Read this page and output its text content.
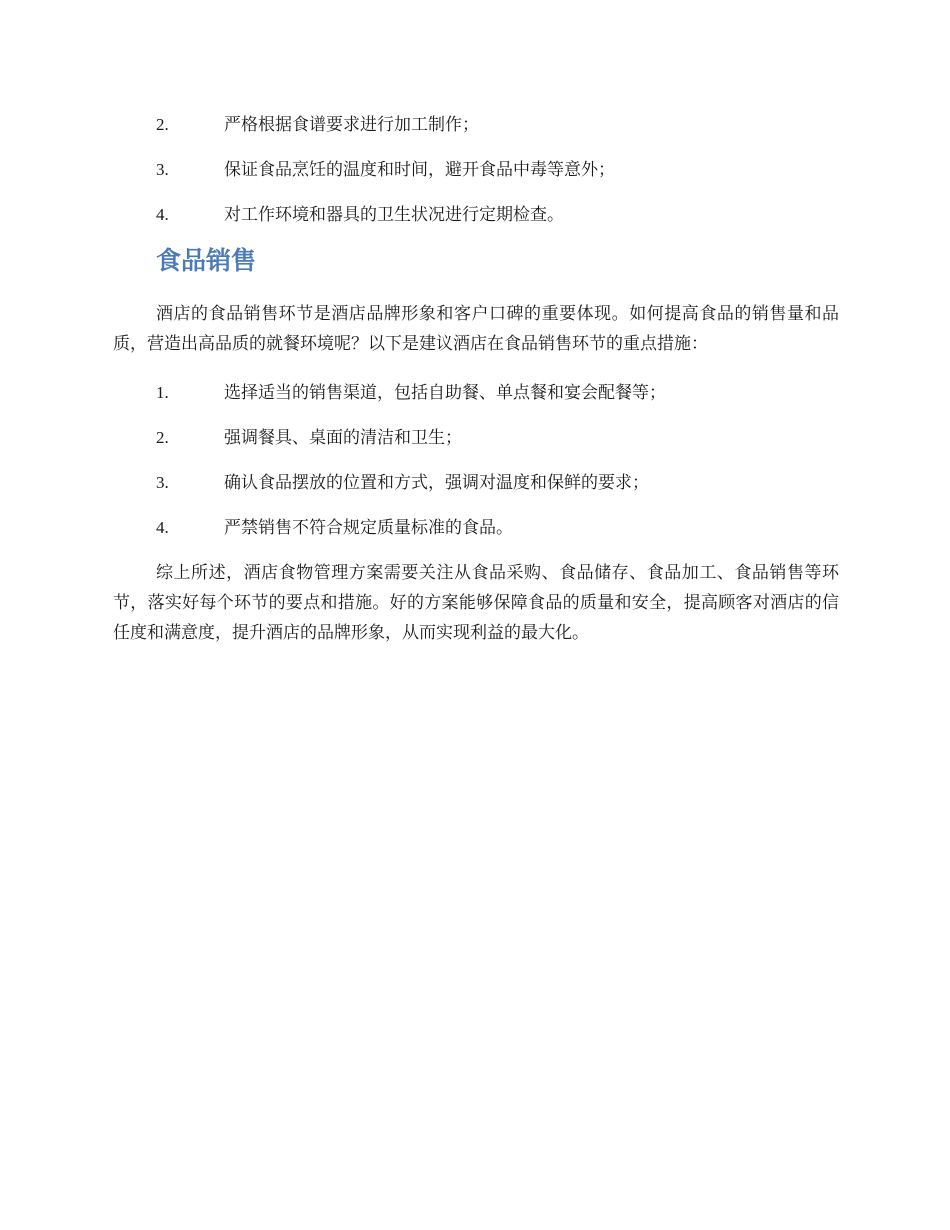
2.	严格根据食谱要求进行加工制作；
3.	保证食品烹饪的温度和时间，避开食品中毒等意外；
4.	对工作环境和器具的卫生状况进行定期检查。
食品销售

酒店的食品销售环节是酒店品牌形象和客户口碑的重要体现。如何提高食品的销售量和品质，营造出高品质的就餐环境呢？以下是建议酒店在食品销售环节的重点措施：

1.	选择适当的销售渠道，包括自助餐、单点餐和宴会配餐等；
2.	强调餐具、桌面的清洁和卫生；
3.	确认食品摆放的位置和方式，强调对温度和保鲜的要求；
4.	严禁销售不符合规定质量标准的食品。

综上所述，酒店食物管理方案需要关注从食品采购、食品储存、食品加工、食品销售等环节，落实好每个环节的要点和措施。好的方案能够保障食品的质量和安全，提高顾客对酒店的信任度和满意度，提升酒店的品牌形象，从而实现利益的最大化。
